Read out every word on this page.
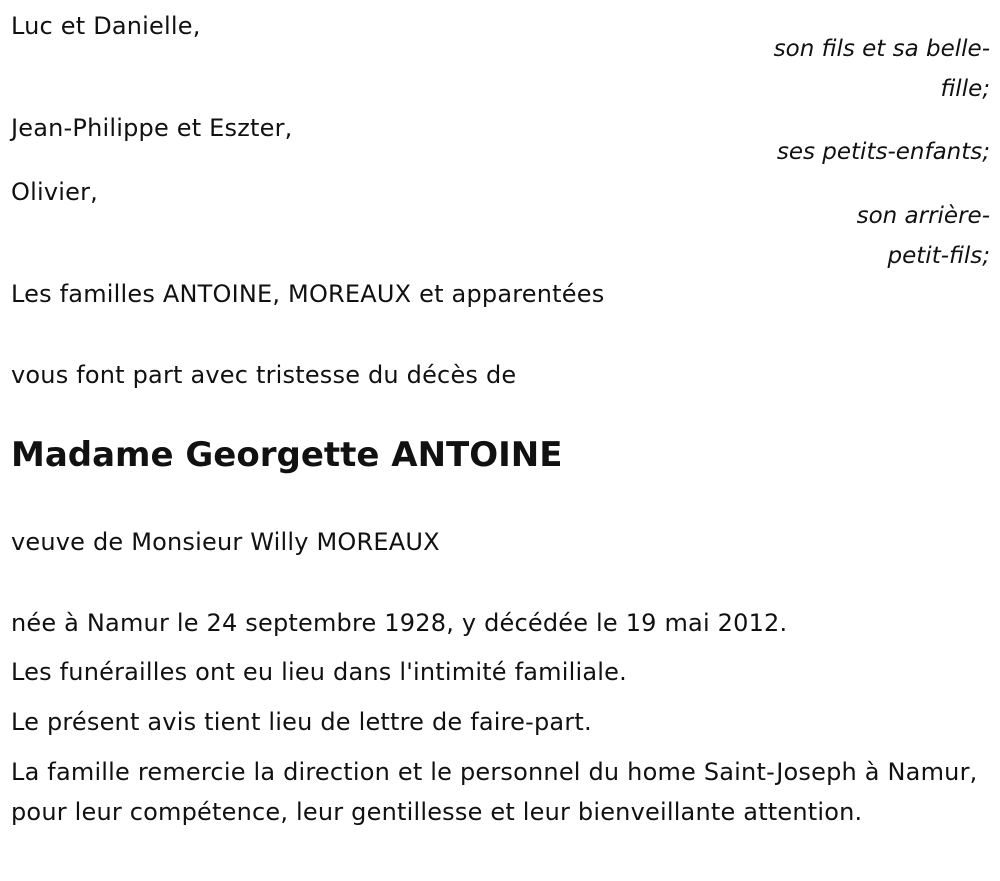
Luc et Danielle,
son fils et sa belle-
fille;
Jean-Philippe et Eszter,
ses petits-enfants;
Olivier,
son arrière-
petit-fils;
Les familles ANTOINE, MOREAUX et apparentées
vous font part avec tristesse du décès de
Madame Georgette ANTOINE
veuve de Monsieur Willy MOREAUX
née à Namur le 24 septembre 1928, y décédée le 19 mai 2012.
Les funérailles ont eu lieu dans l'intimité familiale.
Le présent avis tient lieu de lettre de faire-part.
La famille remercie la direction et le personnel du home Saint-Joseph à Namur, pour leur compétence, leur gentillesse et leur bienveillante attention.
